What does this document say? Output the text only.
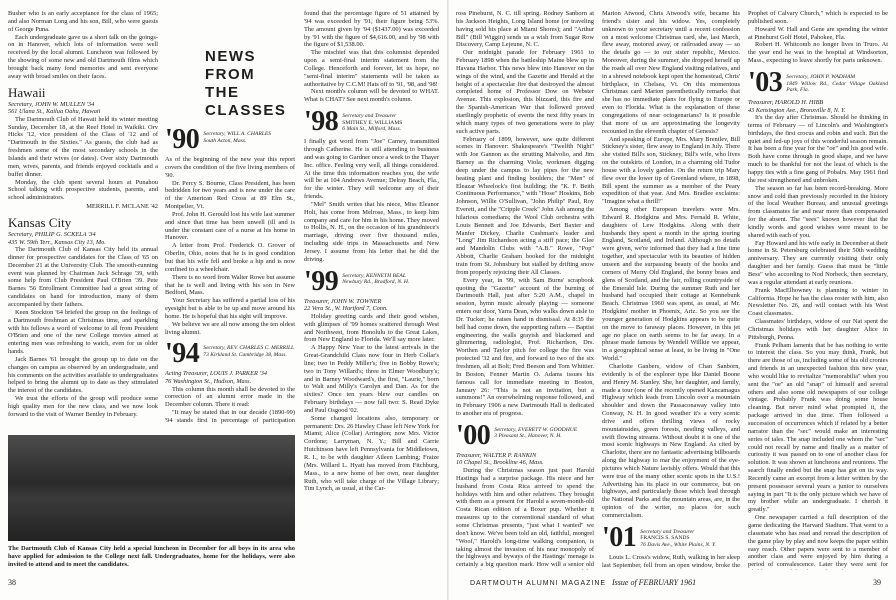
Busher who is an early acceptance for the class of 1965; and also Norman Long and his son, Bill, who were guests of George Puna.

Each undergraduate gave us a short talk on the goings-on in Hanover, which lots of information were well received by the local alumni. Luncheon was followed by the showing of some new and old Dartmouth films which brought back many fond memories and sent everyone away with broad smiles on their faces.

Hawaii
Secretary, JOHN W. MULLEN '34
561 Ulana St., Kailua Oahu, Hawaii

The Dartmouth Club of Hawaii held its winter meeting Sunday, December 18, at the Reef Hotel in Waikiki. Orv Hicks '12, vice president of the Class of '12 and of "Dartmouth in the Sixties." As guests, the club had as freshmen some of the most secondary schools in the Islands and their wives (or dates). Over sixty Dartmouth men, wives, parents, and friends enjoyed cocktails and a buffet dinner.

Monday, the club spent several hours at Punahou School talking with prospective students, parents, and school administrators.

MERRILL F. MCLANE '42
Kansas City
Secretary, PHILIP G. SCKELA '34
435 W. 59th Terr., Kansas City 13, Mo.

The Dartmouth Club of Kansas City held its annual dinner for prospective candidates for the Class of '65 on December 21 at the University Club. The smooth-running event was planned by Chairman Jack Schrage '39, with some help from Club President Paul O'Brien '39. Pete Barnes '56 Enrollment Committee had a great string of candidates on hand for introduction, many of them accompanied by their fathers.

Keen Stockton '64 briefed the group on the feelings of a Dartmouth freshman at Christmas time, and sparkling with his fellows a word of welcome to all from President O'Brien and one of the new College movies aimed at entering men was refreshing to watch, even for us older hands.

Jack Barnes '61 brought the group up to date on the changes on campus as observed by an undergraduate, and his comments on the activities available to undergraduates helped to bring the alumni up to date as they stimulated the interest of the candidates.

We trust the efforts of the group will produce some high quality men for the new class, and we now look forward to the visit of Warner Bentley in February.

The Dartmouth Club of Kansas City held a special luncheon in December for all boys in its area who have applied for admission to the College next fall. Undergraduates, home for the holidays, were also invited to attend and to meet the candidates.
NEWS FROM
THE CLASSES
'90 Secretary, WILL A. CHARLES
South Acton, Mass.

As of the beginning of the new year this report covers the condition of the five living members of '90.

Dr. Percy S. Bourne, Class President, has been bedridden for two years and is now under the care of the American Red Cross at 89 Elm St., Montpelier, Vt.

Prof. John H. Gerould lost his wife last summer and since that time has been unwell (ill and is under the constant care of a nurse at his home in Hanover.

A letter from Prof. Frederick O. Grover of Oberlin, Ohio, notes that he is in good condition but that his wife fell and broke a hip and is now confined to a wheelchair.

There is no word from Walter Rowe but assume that he is well and living with his son in New Bedford, Mass.

Your Secretary has suffered a partial loss of his eyesight but is able to be up and move around his home. He is hopeful that his sight will improve.

We believe we are all now among the ten oldest living alumni.

'94 Secretary, REV. CHARLES C. MERRILL
73 Kirkland St. Cambridge 38, Mass.
Acting Treasurer, LOUIS J. PARKER '34
76 Washington St., Hudson, Mass.

This column this month shall be devoted to the correction of an alumni error made in the December column. There it read:

"It may be stated that in our decade (1890-99) '94 stands first in percentage of participation

38	DARTMOUTH ALUMNI MAGAZINE Issue of FEBRUARY 1961	39

found that the percentage figure of 51 attained by '94 was exceeded by '91, their figure being 53%. The amount given by '94 ($1437.00) was exceeded by '91 with the figure of $4,616.00, and by '98 with the figure of $1,538.00.

The mischief was that this columnist depended upon a semi-final interim statement from the College. Henceforth and forever, let us hope, no "semi-final interim" statements will be taken as authoritative by C.C.M! Hats off to '91, '98, and '98!

Next month's column will be devoted to WHAT. What is CHAT? See next month's column.

'98 Secretary and Treasurer
SMITHEY E. WILLIAMS
6 Main St., Milford, Mass.

I finally got word from "Joe" Carney, transmitted through Catherine. He is still attending to business and was going to Gardner once a week to the Thayer Inc. office. Feeling very well, all things considered. At the time this information reaches you, the wife will be at 104 Andrews Avenue; Delray Beach, Fla., for the winter. They will welcome any of their friends.

"Mel" Smith writes that his niece, Miss Eleanor Holt, has come from Melrose, Mass., to keep him company and care for him in his home. They moved to Hollis, N. H., on the occasion of his grandniece's marriage, driving over five thousand miles, including side trips in Massachusetts and New Jersey. I assume from his letter that he did the driving.

'99 Secretary, KENNETH BEAL
Newbury Rd., Bradford, N. H.
Treasurer, JOHN W. TOWNER
22 Vera St., W. Hartford 7, Conn.

Holiday greeting cards and their good wishes, with glimpses of '99 homes scattered through West and Northwest, from Honolulu to the Great Lakes, from New England to Florida. We'll say more later.

A Happy New Year to the latest arrivals in the Great-Grandchild Class now four in Herb Collar's line; two in Peddy Miller's; five in Bobby Rowe's; two in Tony Willard's; three in Elmer Woodbury's; and in Barney Woodward's, the first, "Laurie," born to Walt and Milly's Carolyn and Dan. As for the sixties? Once ten years blew our candles on February birthdays — now fall two: S. Read Dyke and Paul Osgood '02.

Some changed locations also, temporary or permanent: Drs. 26 Hawley Chase left New York for Miami; Alice (Collar) Arrington; now Mrs. Victor Cordone; Larryman, N. Y.; Bill and Carrie Hutchinson have left Pennsylvania for Middletown, R. I., to be with daughter Aileen Lambing; Fraize (Mrs. Willard L. Hyatt has moved from Fitchburg, Mass., to a new home of her own, near daughter Ruth, who will take charge of the Village Library; Tim Lynch, as usual, at the Car-

ross Pinehurst, N. C. till spring. Rodney Sanborn at his Jackson Heights, Long Island home (or traveling having sold his place at Miami Shores); and "Arthur Bill" (Bill Wiggin) sends us a wish from Sugar Row Discovery, Camp Lejeune, N. C.

Our midnight parade for February 1961 to February 1898 when the battleship Maine blew up in Havana Harbor. This news blew into Hanover on the wings of the wind, and the Gazette and Herald at the height of a spectacular fire that destroyed the almost completed home of Professor Dow on Webster Avenue. This explosion, this blizzard, this fire and the Spanish-American War that followed proved startlingly prophetic of events the next fifty years in which many types of two generations were to play such active parts.

February of 1899, however, saw quite different scenes in Hanover: Shakespeare's "Twelfth Night" with Joe Gannon as the strutting Malvolio, and Jim Barney as the charming Viola; workmen digging deep under the campus to lay pipes for the new heating plant and finding boulders; the "Men" of Eleazar Wheelock's first building; the "K. F. Beith Continuous Performance," with "Hose" Hoskins, Bob Johnson, Willie O'Sullivan, "John Philip" Paul, Roy Everett, and the "Cripple Creek" John Ash among the hilarious comedians; the Wool Club orchestra with Louis Bennett and Joe Edwards, Bert Baxter and Manfer Dickey, Charlie Cushman's leader and "Long" Jim Richardson acting a stiff pace; the Glee and Mandolin Clubs with "A.B." Rowe, "Pop" Abbott, Charlie Graham booked for the midnight train from St. Johnsbury but stalled by drifting snow from properly rejoicing their All Classes.

Every year, in '99, with Sam Burns' scrapbook quoting the "Gazette" account of the burning of Dartmouth Hall, just after 5:20 A.M., chapel in session, hymn music already playing — someone enters our door, Yarra Dean, who walks down aisle to Dr. Tucker; he raises hand in dismissal. At 8:35 the bell had come down, the supporting rafters — Baptist engineering, the walls grayish and blackened and glimmering, radiologist, Prof. Richardson, Drs. Worthen and Taylor pitch for college the fire was protected '32 and fire, and forward to two of the six freshmen, all at Bolt; Fred Beeson and Tom Whittier. In Boston, Fenner Martin O. Adams issues his famous call for immediate meeting in Boston, January 26: "This is not an invitation, but a summons!" An overwhelming response followed, and in February 1906 a new Dartmouth Hall is dedicated to another era of progress.

'00 Secretary, EVERETT W. GOODHUE
3 Pleasant St., Hanover, N. H.
Treasurer, WALTER P. RANKIN
10 Chapel St., Brookline 46, Mass.

During the Christmas season just past Harold Hastings had a surprise package. His niece and her husband from Costa Rica arrived to spend the holidays with him and other relatives. They brought with them as a present for Harold a seven-month-old Costa Rican edition of a Boxer pup. Whether it measures up to the conventional standard of what some Christmas presents, "just what I wanted" we don't know. We've been told an old, faithful, mongrel "Woof," Harold's long-time walking companion, is taking almost the invasion of his near monopoly of the highways and byways of the Hastings' menage is certainly a big question mark. How will a senior old

Marion Atwood, Chris Atwood's wife, became his friend's sister and his widow. Yes, completely unknown to your secretary until a recent confession on a most welcome Christmas card, she, last March, flew away, motored away, or railroaded away — so the details go — to our sister republic, Mexico. Moreover, during the summer, she dropped herself up the roads all over New England visiting relatives, and in a shrewd notebook kept open the homestead, Chris' birthplace, in Chelsea, Vt. On this momentous Christmas card Marion parenthetically remarks that she has no immediate plans for flying to Europe or even to Florida. What is the explanation of these congregations of near octogenarians? Is it possible that more of us are approximating the longevity recounted in the eleventh chapter of Genesis?

And speaking of Europe, Mrs. Mary Brentlev, Bill Stickney's sister, flew away to England in July. There she visited Bill's son, Stickney, Bill's wife, who lives on the outskirts of London, in a charming old Tudor house with a lovely garden. On the return trip Mary flew over the lower tip of Greenland where, in 1898, Bill spent the summer as a member of the Peary expedition of that year. And Mrs. Bradlee exclaims: "Imagine what a thrill!"

Among other European travelers were Mrs. Edward R. Hodgkins and Mrs. Fernald R. White, daughters of Lew Hodgkins. Along with their husbands they spent a month in the spring touring England, Scotland, and Ireland. Although no details were given, we're informed that they had a fine time together, and spectacular with its beauties of hidden unseen and the surpassing beauty of the hooks and corners of Merry Old England, the bonny braes and glens of Scotland, and the fair, rolling countryside of the Emerald Isle. During the summer Ruth and her husband had occupied their cottage at Kennebunk Beach. Christmas 1960 was spent, as usual, at Mr. Hodgkins' mother in Phoenix, Ariz. So you see the younger generation of Hodgkins appears to be quite on the move to faraway places. However, in this jet age no place on earth seems to be far away. In a phrase made famous by Wendell Willkie we appear, in a geographical sense at least, to be living in "One World."

Charlotte Ganbers, widow of Chan Sanborn, evidently is of the explorer type like Daniel Boone and Henry M. Stanley. She, her daughter, and family, made a tour (one of the recently opened Kancamagus Highway which leads from Lincoln over a mountain shoulder and down the Passaconaway valley into Conway, N. H. In good weather it's a very scenic drive and offers thrilling views of rocky mountainsides, green forests, nestling valleys, and swift flowing streams. Without doubt it is one of the most scenic highways in New England. As cited by Charlotte, there are no fantastic advertising billboards along the highway to mar the enjoyment of the eye-pictures which Nature lavishly offers. Would that this were true of the many other scenic spots in the U.S.! Advertising has its place in our commerce, but on highways, and particularly those which lead through the National Parks and the mountain areas, are, in the opinion of the writer, no places for such commercialism.

'01 Secretary and Treasurer
FRANCIS S. SANDS
76 Davis Ave., White Plains, N. Y.

Louis L. Cross's widow, Ruth, walking in her sleep last September, fell from an open window, broke the

Prophet of Calvary Church," which is expected to be published soon.

Howard W. Hall and Gene are spending the winter at Pinehurst Golf Hotel, Pahokee, Fla.

Robert H. Whitcomb no longer lives in Truro. At the year end he was in the hospital at Windsorton, Mass., expecting to leave shortly for parts unknown.

'03 Secretary, JOHN P. WADHAM
1849 Willow Rd., Cedar Village Oakland Park, Fla.
Treasurer, HAROLD H. HIBB
43 Kensington Ave., Bronxville 8, N. Y.

It's the day after Christmas. Should be thinking in terms of February — of Lincoln's and Washington's birthdays, the first crocus and robin and such. But the quiet and fed-up joys of this wonderful season remain. It has been a fine year for the "oe" and his good wife. Both have come through in good shape, and we have much to be thankful for not the least of which is the happy ties with a fine gang of Pobalrs. May 1961 find the rest strengthened and unbroken.

The season so far has been record-breaking. More snow and cold than previously recorded in the history of the local Weather Bureau, and unusual greetings from classmates far and near more than compensated for the absent. The "sees" known however that the kindly words and good wishes were meant to be shared with each of you.

Fay Howard and his wife early in December at their home in St. Petersburg celebrated their 50th wedding anniversary. They are currently visiting their only daughter and her family. Guess that must be "little Bess" who according to Nod Norbeck, then secretary, was a regular attendant at early reunions.

Frank MacElhowney is planning to winter in California. Hope he has the class roster with him, also Newsletter No. 26, and will contact with his West Coast classmates.

Classmates' birthdays, widow of our Nat spent the Christmas holidays with her daughter Alice in Pittsburgh, Penna.

Frank Pelham laments that he has nothing to write to interest the class. So you may think, Frank, but there are those of us, including some of his old cronies and friends in an unexpected fashion this new year, who would like to revitalize "memorabilia" when you sent the "oe" an old "snap" of himself and several others and also some old newspapers of our college vintage. Probably Frank was doing some house cleaning. But never mind what prompted it, the package arrived in due time. Then followed a succession of occurrences which if related by a better narrator than the "sec" would make an interesting series of tales. The snap included one whom the "sec" could not recall by name and finally as a matter of curiosity it was passed on to one of another class for solution. It was shown at luncheons and reunions. The search finally ended but the snap has got on its way. Recently came an excerpt from a letter written by the present possessor several years a junior to ourselves saying in part "It is the only picture which we have of my brother while an undergraduate. I cherish it greatly."

One newspaper carried a full description of the game dedicating the Harvard Stadium. That went to a classmate who has read and reread the description of the game play by play and now keeps the paper within easy reach. Other papers were sent to a member of another class and were enjoyed by him during a period of convalescence. Later they were sent for
